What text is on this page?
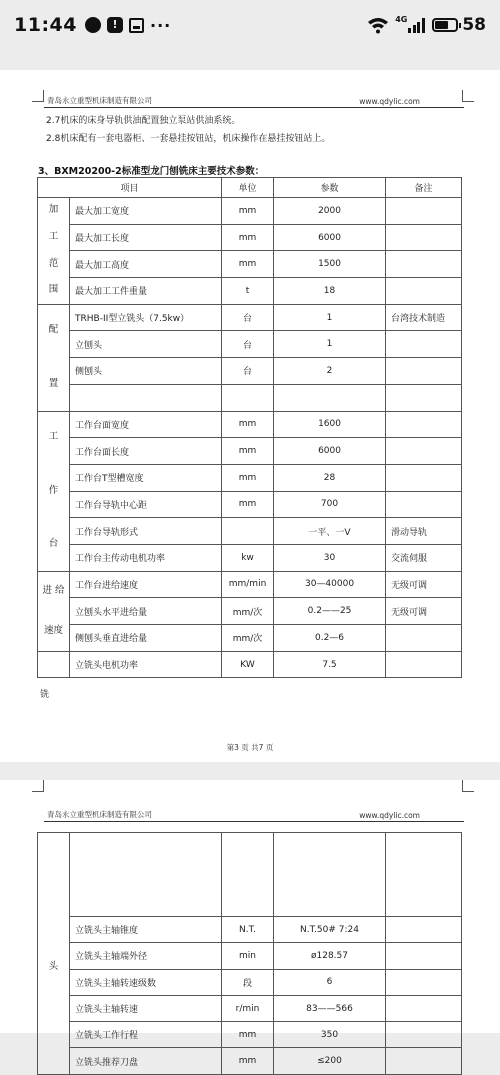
11:44	!	···	4G	58
青岛永立重型机床制造有限公司	www.qdylic.com
2.7机床的床身导轨供油配置独立泵站供油系统。
2.8机床配有一套电器柜、一套悬挂按钮站，机床操作在悬挂按钮站上。
3、BXM20200-2标准型龙门刨铣床主要技术参数：
项目		单位	参数	备注

加
工
范
围	最大加工宽度	mm	2000	
	最大加工长度	mm	6000	
	最大加工高度	mm	1500	
	最大加工工件重量	t	18	

配
置	TRHB-II型立铣头（7.5kw）	台	1	台湾技术制造
	立刨头	台	1	
	侧刨头	台	2	

工
作
台	工作台面宽度	mm	1600	
	工作台面长度	mm	6000	
	工作台T型槽宽度	mm	28	
	工作台导轨中心距	mm	700	
	工作台导轨形式		一平、一V	滑动导轨
	工作台主传动电机功率	kw	30	交流伺服

进 给
速度	工作台进给速度	mm/min	30—40000	无级可调
	立刨头水平进给量	mm/次	0.2——25	无级可调
	侧刨头垂直进给量	mm/次	0.2—6	
	立铣头电机功率	KW	7.5	
铣
第3 页 共7 页
青岛永立重型机床制造有限公司	www.qdylic.com
头				

	立铣头主轴锥度	N.T.	N.T.50# 7:24	
	立铣头主轴端外径	min	ø128.57	
	立铣头主轴转速级数	段	6	
	立铣头主轴转速	r/min	83——566	
	立铣头工作行程	mm	350	
	立铣头推荐刀盘	mm	≤200	
